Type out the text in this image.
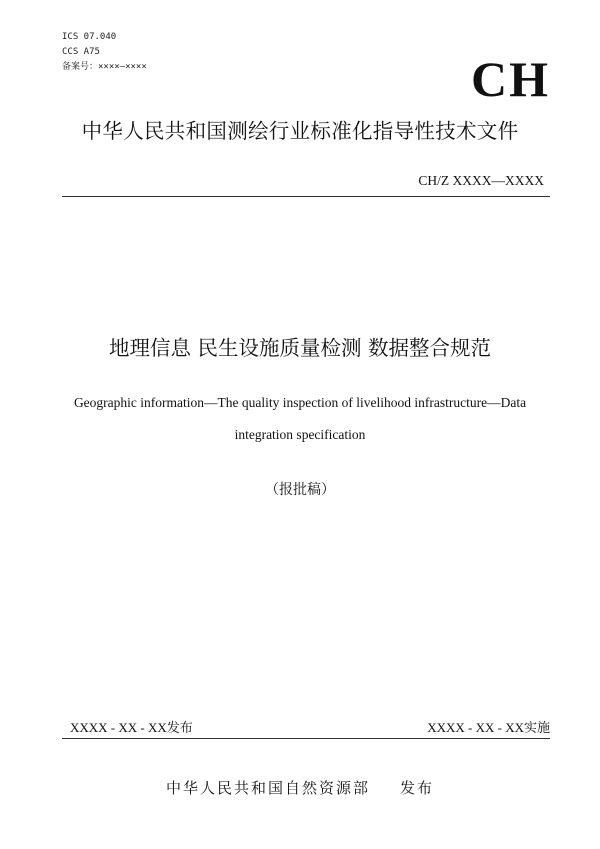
ICS 07.040
CCS A75
备案号：××××—××××	CH
中华人民共和国测绘行业标准化指导性技术文件
CH/Z XXXX—XXXX
地理信息 民生设施质量检测 数据整合规范
Geographic information—The quality inspection of livelihood infrastructure—Data
integration specification
（报批稿）
XXXX - XX - XX发布	XXXX - XX - XX实施
中华人民共和国自然资源部 发布
